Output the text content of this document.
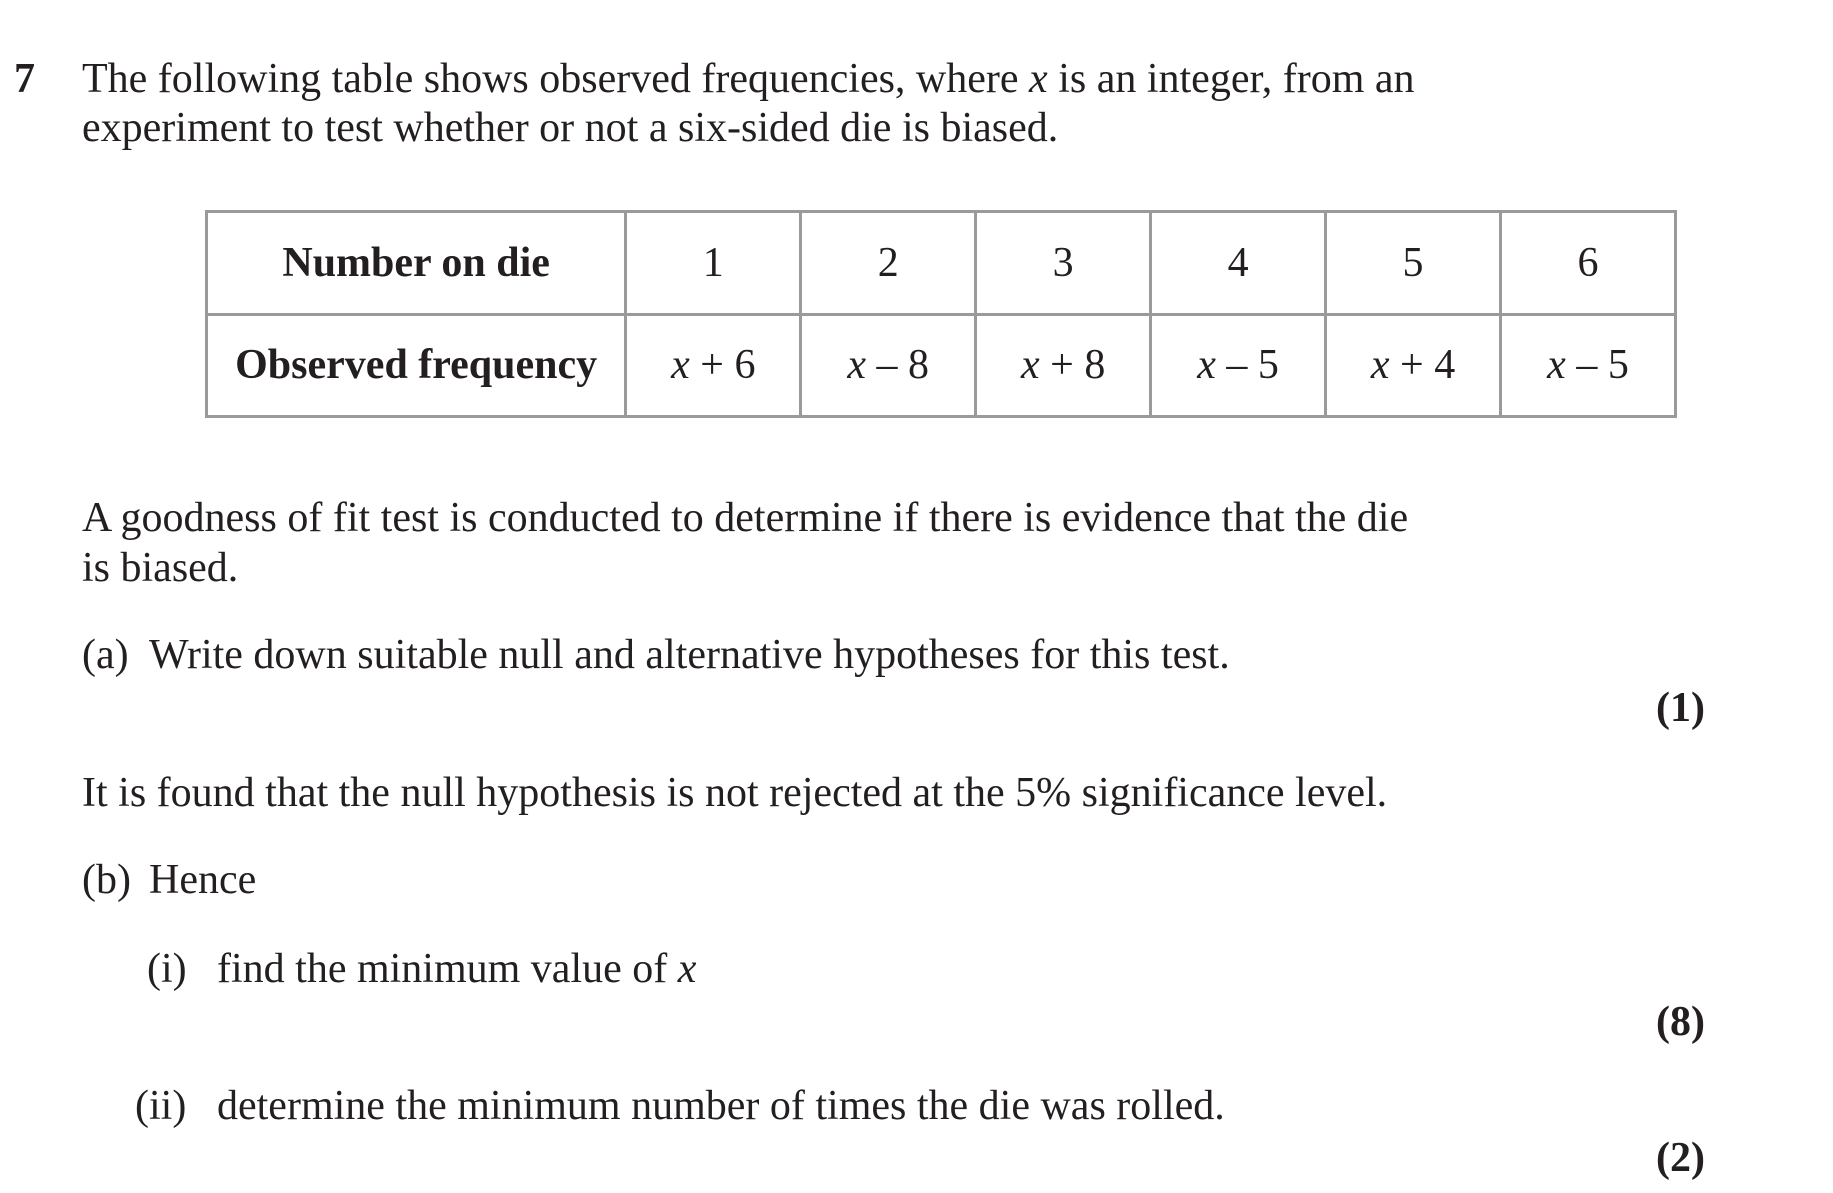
7 The following table shows observed frequencies, where x is an integer, from an
experiment to test whether or not a six-sided die is biased.
Number on die	1	2	3	4	5	6
Observed frequency	x + 6	x – 8	x + 8	x – 5	x + 4	x – 5
A goodness of fit test is conducted to determine if there is evidence that the die
is biased.
(a) Write down suitable null and alternative hypotheses for this test.
(1)
It is found that the null hypothesis is not rejected at the 5% significance level.
(b) Hence
(i) find the minimum value of x
(8)
(ii) determine the minimum number of times the die was rolled.
(2)
